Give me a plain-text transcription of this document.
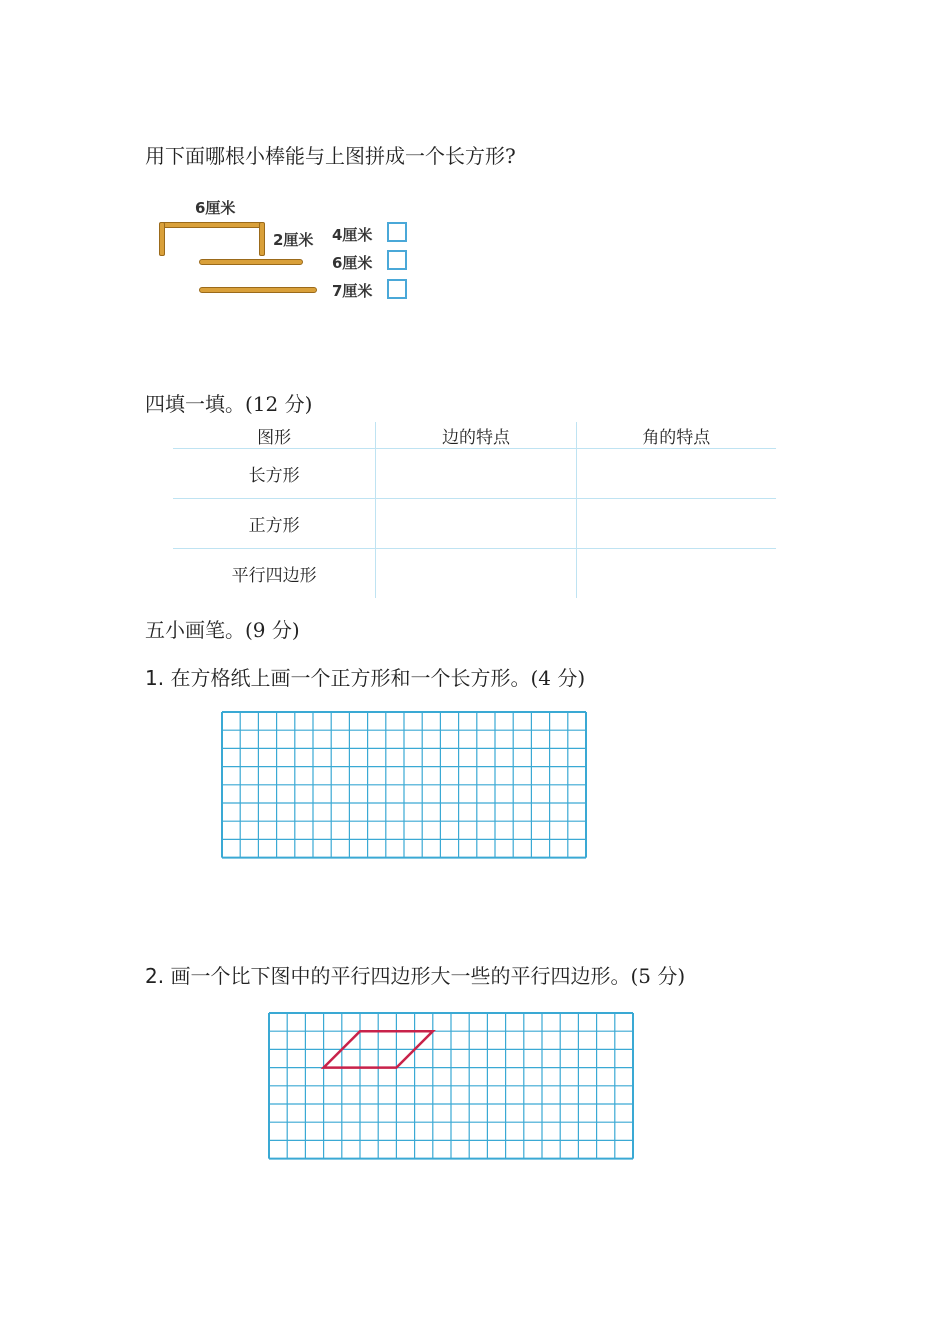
用下面哪根小棒能与上图拼成一个长方形?
6厘米
2厘米 4厘米
6厘米
7厘米
四填一填。(12 分)
图形	边的特点	角的特点
长方形		
正方形		
平行四边形		
五小画笔。(9 分)
1. 在方格纸上画一个正方形和一个长方形。(4 分)
2. 画一个比下图中的平行四边形大一些的平行四边形。(5 分)
